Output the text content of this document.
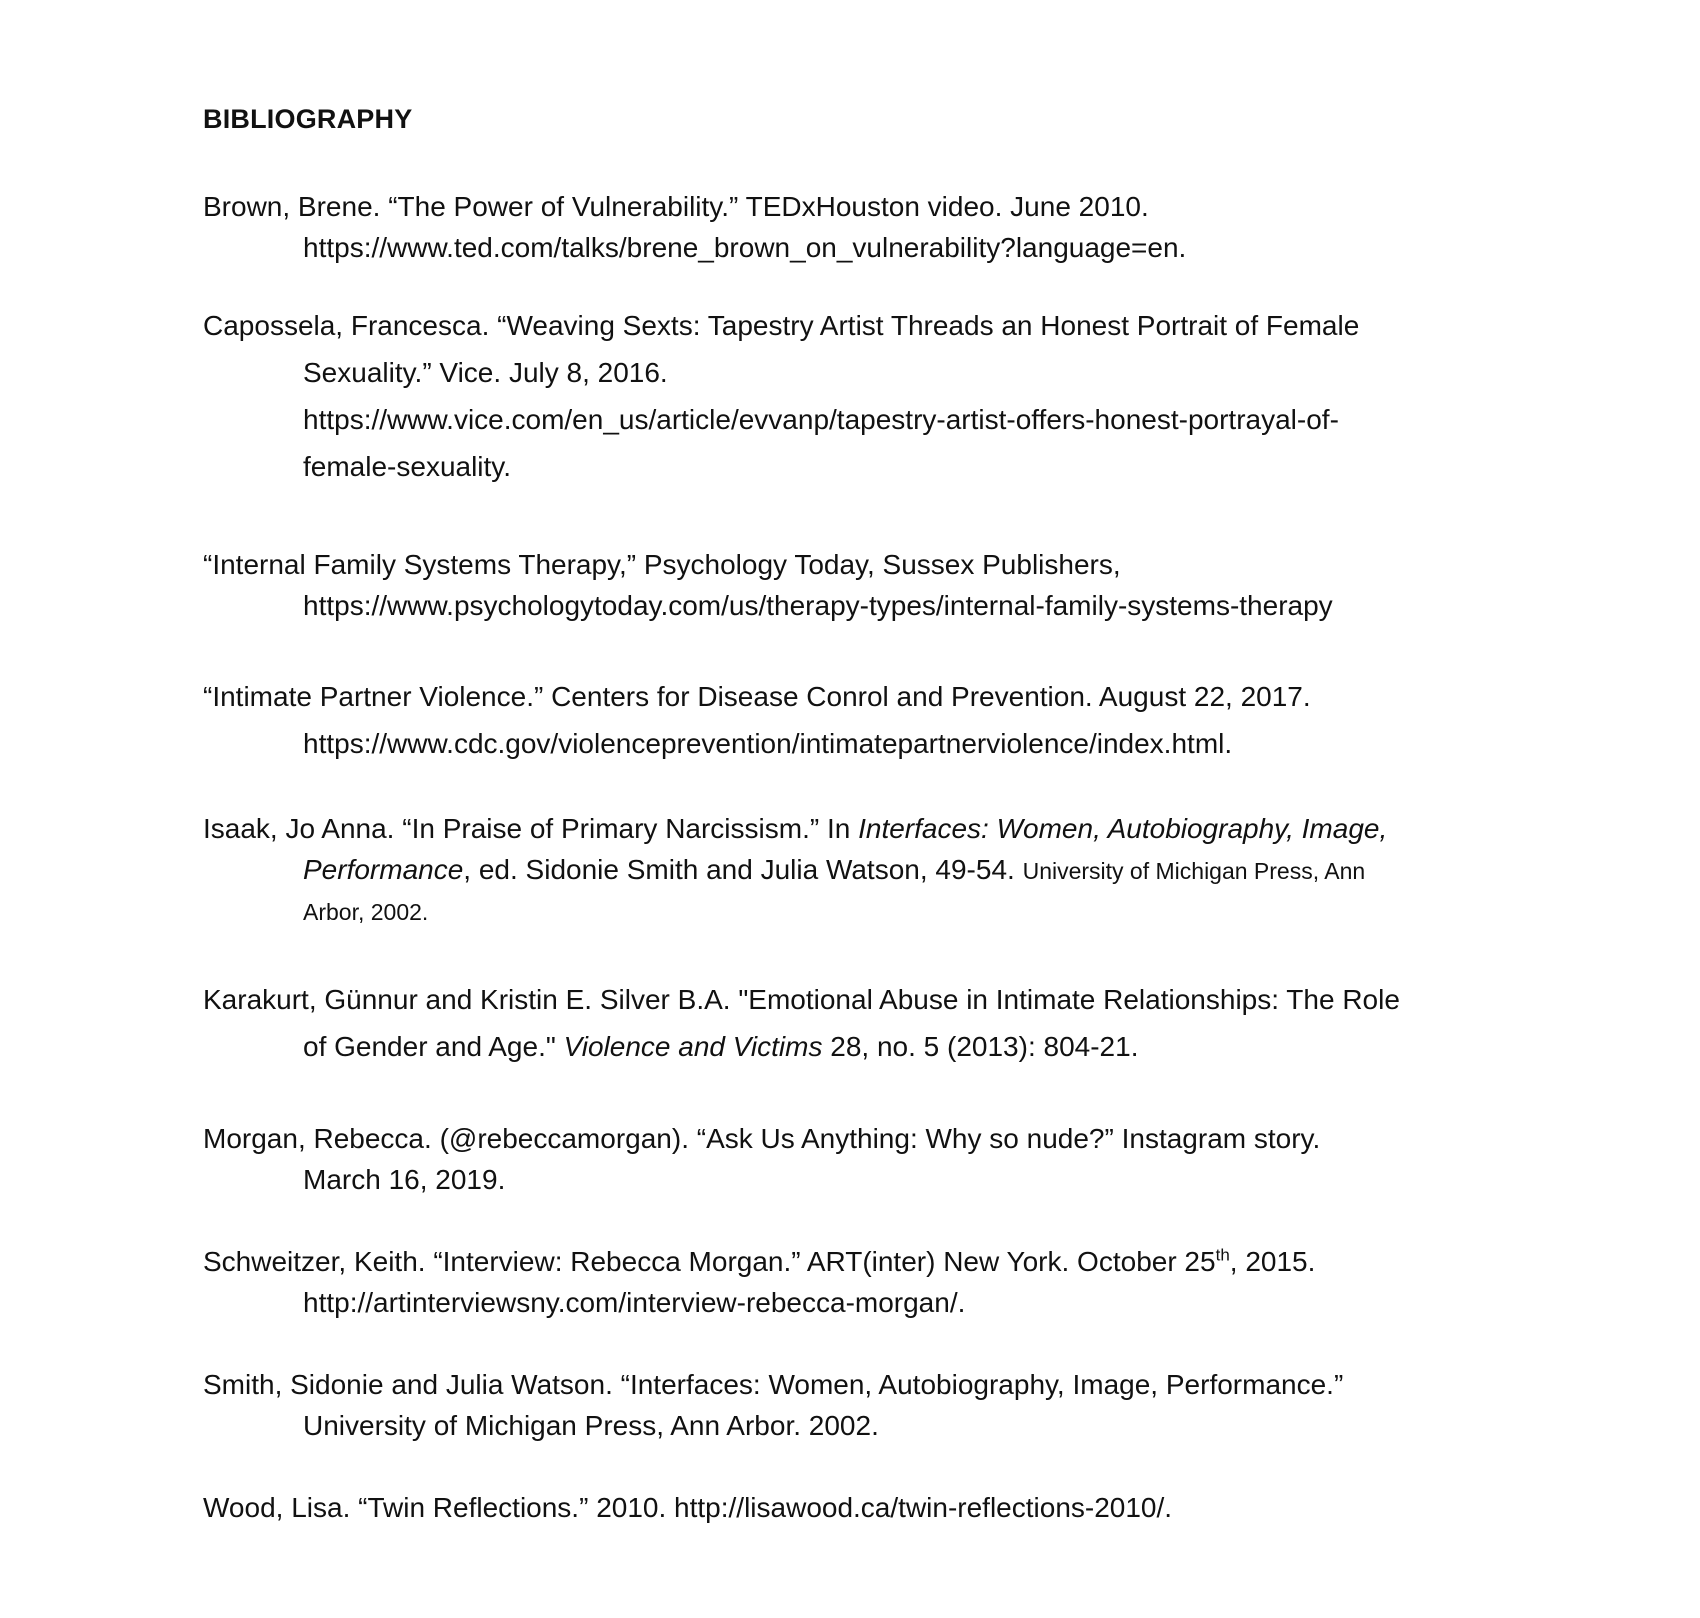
BIBLIOGRAPHY
Brown, Brene. “The Power of Vulnerability.” TEDxHouston video. June 2010.
https://www.ted.com/talks/brene_brown_on_vulnerability?language=en.
Capossela, Francesca. “Weaving Sexts: Tapestry Artist Threads an Honest Portrait of Female
Sexuality.” Vice. July 8, 2016.
https://www.vice.com/en_us/article/evvanp/tapestry-artist-offers-honest-portrayal-of-
female-sexuality.
“Internal Family Systems Therapy,” Psychology Today, Sussex Publishers,
https://www.psychologytoday.com/us/therapy-types/internal-family-systems-therapy
“Intimate Partner Violence.” Centers for Disease Conrol and Prevention. August 22, 2017.
https://www.cdc.gov/violenceprevention/intimatepartnerviolence/index.html.
Isaak, Jo Anna. “In Praise of Primary Narcissism.” In Interfaces: Women, Autobiography, Image,
Performance, ed. Sidonie Smith and Julia Watson, 49-54. University of Michigan Press, Ann
Arbor, 2002.
Karakurt, Günnur and Kristin E. Silver B.A. "Emotional Abuse in Intimate Relationships: The Role
of Gender and Age." Violence and Victims 28, no. 5 (2013): 804-21.
Morgan, Rebecca. (@rebeccamorgan). “Ask Us Anything: Why so nude?” Instagram story.
March 16, 2019.
Schweitzer, Keith. “Interview: Rebecca Morgan.” ART(inter) New York. October 25th, 2015.
http://artinterviewsny.com/interview-rebecca-morgan/.
Smith, Sidonie and Julia Watson. “Interfaces: Women, Autobiography, Image, Performance.”
University of Michigan Press, Ann Arbor. 2002.
Wood, Lisa. “Twin Reflections.” 2010. http://lisawood.ca/twin-reflections-2010/.
